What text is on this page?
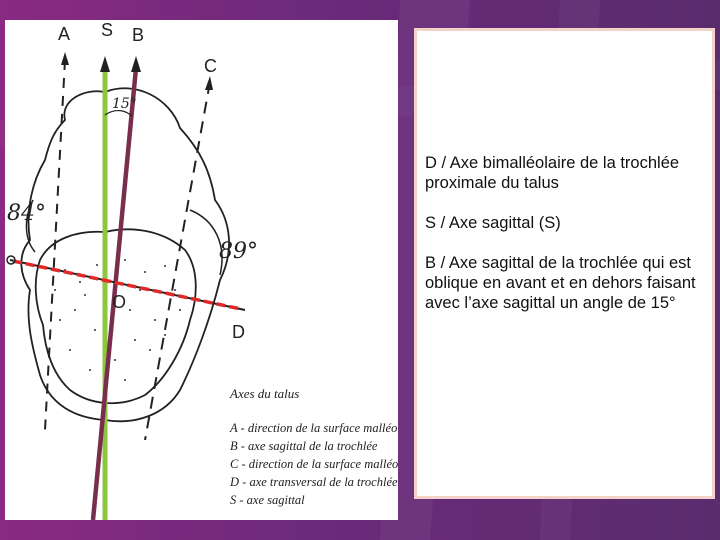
A S B
C
D
O
15°
84°
89°
Axes du talus
A - direction de la surface malléo
B - axe sagittal de la trochlée
C - direction de la surface malléo
D - axe transversal de la trochlée
S - axe sagittal

D / Axe bimalléolaire de la trochlée proximale du talus

S / Axe sagittal (S)

B / Axe sagittal de la trochlée qui est oblique en avant et en dehors faisant avec l’axe sagittal un angle de 15°
